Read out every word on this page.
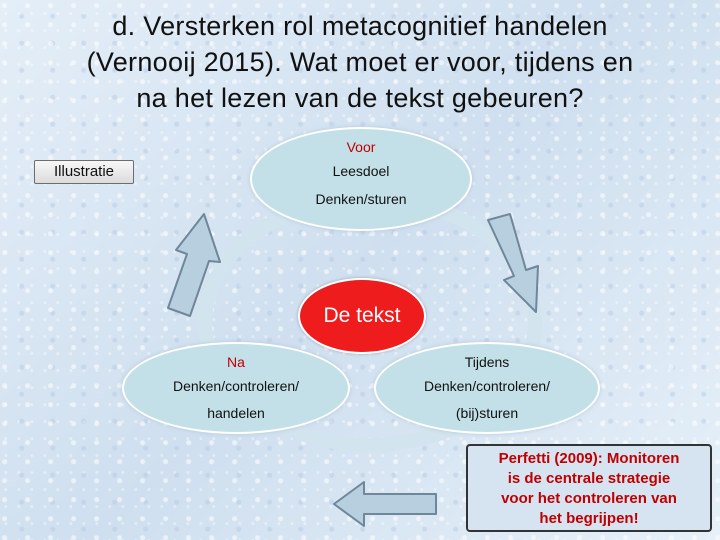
d. Versterken rol metacognitief handelen
(Vernooij 2015). Wat moet er voor, tijdens en
na het lezen van de tekst gebeuren?
Illustratie
Voor
Leesdoel
Denken/sturen
Na
Denken/controleren/
handelen
Tijdens
Denken/controleren/
(bij)sturen
De tekst
Perfetti (2009): Monitoren
is de centrale strategie
voor het controleren van
het begrijpen!
